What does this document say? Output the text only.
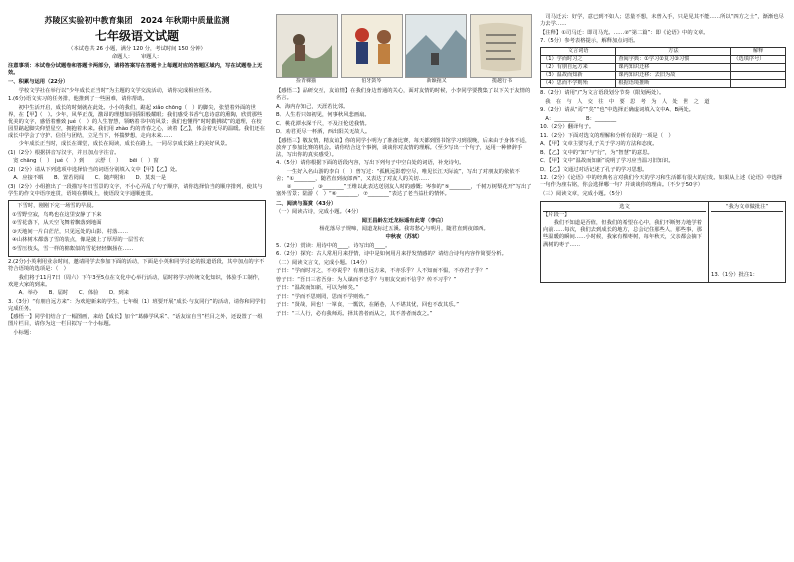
苏陵区实验初中教育集团　2024 年秋期中质量监测
七年级语文试题

（本试卷共 26 小题，满分 120 分，考试时间 150 分钟）

命题人：　　审题人：

注意事项：本试卷分试题卷和答题卡两部分，请将答案写在答题卡上每题对应的答题区域内，写在试题卷上无效。

一、积累与运用（22分）

　　学校文学社在举行以“少年成长正当时”为主题的文学交流活动，请你完成相应任务。

1.(6分)语文实习的任务排，他推到了一些困难，请你帮助。

　　初中生活开启，成长的时刻就在此处。小小的我们，踮起 xiǎo chōng（　）的脚尖，张望着外面的世界，在【甲】（　）。少年，风华正茂，激昂的理想如同骄阳般耀眼；我们感受书香气息诗意的熏陶，欣赏那些优美的文字，感悟着雅致 jué（　）的人生智慧，领略着书中的风景；我们也懂得“时时勤拂拭”的道理，在校园里踮起脚尖仰望星空，拥抱着未来。我们用 zhào 灼的青春之心，读着【乙】，体会着无尽的温暖。我们还在成长中学会了守护、信任与团结，立足当下，怀揣梦想，走向未来……

　　少年成长正当时，成长在课堂，成长在阅读，成长在路上，一同尽享成长路上的美好风景。

(1)（2分）根据拼音写汉字，并且加点字注音。

　宽 chāng（　）　jué（　）到　　云舒（　）　　bēi（　）窗

(2)（2分）请从下列选项中选择恰当的词语分别填入文中【甲】【乙】处。

　A．应接不暇　　B．置若罔闻　　C．随声附和　　D．莫衷一是

(3)（2分）小组推出了一段描写冬日雪景的文字，不小心弄乱了句子顺序，请你选择恰当的顺序排列，使其与学生的作文中语序连贯，语境在横线上，使语段文字通顺连贯。

　下雪时，刚刚下完一场雪的早晨。

①雪野空寂，鸟鸣也在这里安静了下来

②雪花落下，从天空飞舞着飘落到地面

③天地间一片白茫茫，只见远处的山影、村落……

④山林树木都落了雪的装点，像是披上了厚厚的一层雪衣

⑤雪压枝头，雪一样的棉絮似的雪花轻轻飘扬在……

2.(2分)小英利用业余时间，邀请同学去参加下面的活动，下面是小英和同学讨论的报道语段，其中加点的字不符合语境的选项是：（　）

　　我们将于11月7日（周六）下午3至5点在文化中心举行活动，届时将学习传统文化知识，体验手工制作，欢迎大家的到来。

　　A．举办　　B．届时　　C．体验　　D．到来

3.（3分）“有朋自远方来”：为欢迎新来的学生，七年级（1）班要开展“成长·与友同行”的活动，请你和同学们完成任务。

【感悟一】同学们结合了一幅图画，来给【成长】加个“葛藤学风采”、“话友谊自当”栏目之外，还设置了一组图片栏目，请你为这一栏目拟写一个小标题。

　小标题：　　　　　　　　　　

捡青稞猫	伯牙鼓琴	新颖拖又	揽越行书

【感悟二】品研交互，友谊情】在我们身边普通的关心，面对友情的时候，小李同学要搜集了以下关于友情的名言。

A．海内存知己，天涯若比邻。

B．人生若只如初见，何事秋风悲画扇。

C．桃花潭水深千尺，不及汪伦送我情。

D．劝君更尽一杯酒，西出阳关无故人。

【感悟三】敬友情，精友谊】你的同学小明为了准备比赛，每天都到图书馆学习到很晚，后来由于身体不适，放弃了参加比赛的机会。请你结合这个事例，谈谈你对友情的理解。（至少写出一个句子，运用一种修辞手法，写出你的真实感受）。

4.（5分）请你根据下面的语段内容，写出下列句子中空白处的词语，补充诗句。

　　一生好入名山游的李白（　）曾写过：“孤帆远影碧空尽，唯见长江天际流”，写出了对朋友的依依不舍；“①________，随君直到夜郎西”，又表达了对友人的关切……

　　②________，③________”王维以此表达送别友人时的感慨；岑参的“⑤________，千树万树梨花开”写出了塞外雪景；陆游（　）“⑥________，⑦________”表达了老当益壮的情怀。

二、阅读与鉴赏（43分）

（一）阅读古诗，完成小题。（4分）

闻王昌龄左迁龙标遥有此寄（李白）

杨花落尽子规啼，闻道龙标过五溪。我寄愁心与明月，随君直到夜郎西。

中秋夜（苏轼）

5.（2分）赏读：用诗中的____，诗写出的____。

6.（2分）探究：古人常用月来抒情，诗中是如何用月来抒发情感的？请结合诗句内容作简要分析。

（二）阅读文言文，完成小题。（14分）

子曰：“学而时习之，不亦说乎？有朋自远方来，不亦乐乎？人不知而不愠，不亦君子乎？”

曾子曰：“吾日三省吾身：为人谋而不忠乎？与朋友交而不信乎？传不习乎？”

子曰：“温故而知新，可以为师矣。”

子曰：“学而不思则罔，思而不学则殆。”

子曰：“贤哉，回也！一箪食，一瓢饮，在陋巷，人不堪其忧，回也不改其乐。”

子曰：“三人行，必有我师焉。择其善者而从之，其不善者而改之。”

　司马迁云：好学，意已到不如人；思量不想，未曾入手，只是见其不能……所以“四方之士”，渐渐也尽力去学……

【注释】①司马迁：即司马光。……②“第二篇”：即《论语》中的文章。

7.（5分）参考表格提示，解释加点词语。

文言词语	方法	解释
（1）学而时习之	查阅字典：①学习②复习③习惯	（选填序号）
（2）有朋自远方来	课内知识迁移	
（3）温故而知新	课内知识迁移：去旧为故	
（4）思而不学则殆	根据语境推断	

8.（2分）请用“/”为文言语段划分节奏（限划两处）。

　我　在　与　人　交　往　中　要　思　考　为　人　处　世　之　道

9.（2分）请从“焉”“矣”“也”中选择正确虚词填入文中A、B两处。

　A：________　　B：________

10.（2分）翻译句子。

11.（2分）下面对选文的理解和分析有误的一项是（　）

A．【甲】文章主要写孔子关于学习的方法和态度。

B．【乙】文中的“知”与“行”，为“智慧”的意思。

C．【甲】文中“温故而知新”说明了学习应当温习旧知识。

D．【乙】文通过对话记述了孔子的学习思想。

12.（2分）《论语》中的经典名言对我们今天的学习和生活都有很大的启发。如果从上述《论语》中选择一句作为座右铭，你会选择哪一句？并谈谈你的理由。（不少于50字）

（三）阅读文章，完成小题。（5分）

选文

【片段一】

　　我们不知道是否值，但我们的希望在心中，我们不断努力地学着向前……每次，我们去到成长的地方，总会记住那些人，那些事，那些温暖的瞬间……小时候，我家有棵枣树，每年秋天，父亲都会摘下满树的枣子……

“我为文章做批注”

13.（1分）批注1：
